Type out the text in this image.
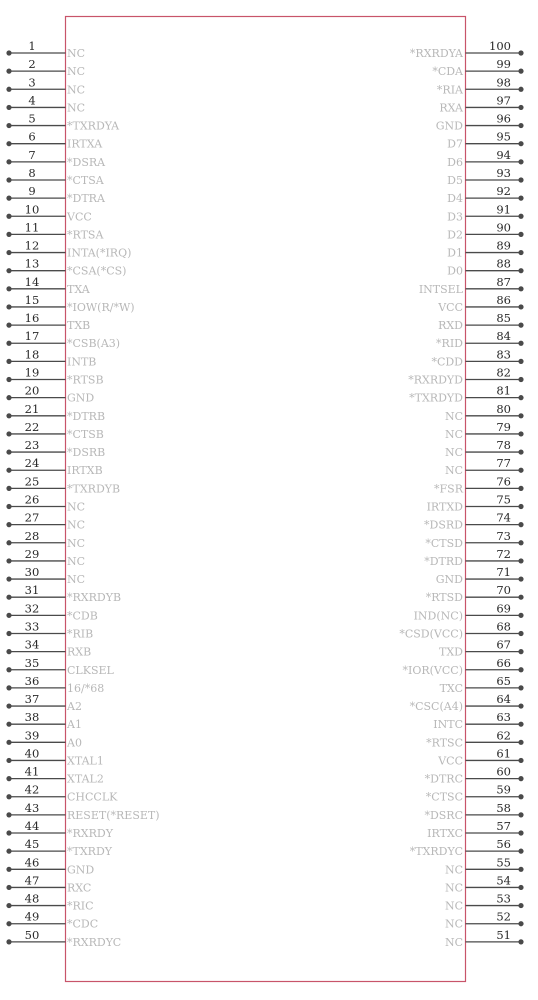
1
NC
2
NC
3
NC
4
NC
5
*TXRDYA
6
IRTXA
7
*DSRA
8
*CTSA
9
*DTRA
10
VCC
11
*RTSA
12
INTA(*IRQ)
13
*CSA(*CS)
14
TXA
15
*IOW(R/*W)
16
TXB
17
*CSB(A3)
18
INTB
19
*RTSB
20
GND
21
*DTRB
22
*CTSB
23
*DSRB
24
IRTXB
25
*TXRDYB
26
NC
27
NC
28
NC
29
NC
30
NC
31
*RXRDYB
32
*CDB
33
*RIB
34
RXB
35
CLKSEL
36
16/*68
37
A2
38
A1
39
A0
40
XTAL1
41
XTAL2
42
CHCCLK
43
RESET(*RESET)
44
*RXRDY
45
*TXRDY
46
GND
47
RXC
48
*RIC
49
*CDC
50
*RXRDYC
100
*RXRDYA
99
*CDA
98
*RIA
97
RXA
96
GND
95
D7
94
D6
93
D5
92
D4
91
D3
90
D2
89
D1
88
D0
87
INTSEL
86
VCC
85
RXD
84
*RID
83
*CDD
82
*RXRDYD
81
*TXRDYD
80
NC
79
NC
78
NC
77
NC
76
*FSR
75
IRTXD
74
*DSRD
73
*CTSD
72
*DTRD
71
GND
70
*RTSD
69
IND(NC)
68
*CSD(VCC)
67
TXD
66
*IOR(VCC)
65
TXC
64
*CSC(A4)
63
INTC
62
*RTSC
61
VCC
60
*DTRC
59
*CTSC
58
*DSRC
57
IRTXC
56
*TXRDYC
55
NC
54
NC
53
NC
52
NC
51
NC
